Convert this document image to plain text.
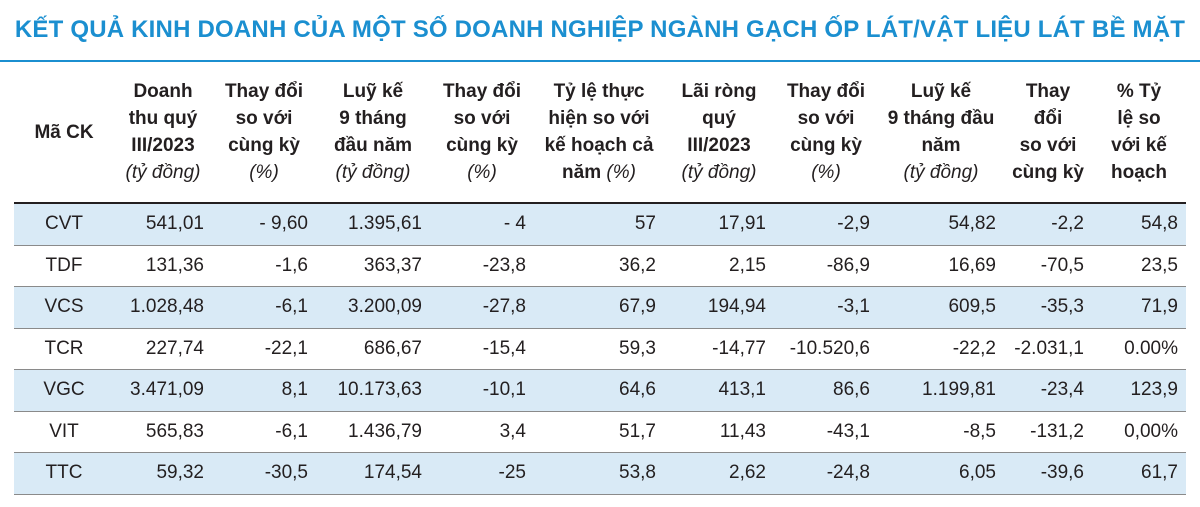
KẾT QUẢ KINH DOANH CỦA MỘT SỐ DOANH NGHIỆP NGÀNH GẠCH ỐP LÁT/VẬT LIỆU LÁT BỀ MẶT
Mã CK	Doanh
thu quý
III/2023
(tỷ đồng)	Thay đổi
so với
cùng kỳ
(%)	Luỹ kế
9 tháng
đầu năm
(tỷ đồng)	Thay đổi
so với
cùng kỳ
(%)	Tỷ lệ thực
hiện so với
kế hoạch cả
năm (%)	Lãi ròng
quý
III/2023
(tỷ đồng)	Thay đổi
so với
cùng kỳ
(%)	Luỹ kế
9 tháng đầu
năm
(tỷ đồng)	Thay
đổi
so với
cùng kỳ	% Tỷ
lệ so
với kế
hoạch

CVT	541,01	- 9,60	1.395,61	- 4	57	17,91	-2,9	54,82	-2,2	54,8
TDF	131,36	-1,6	363,37	-23,8	36,2	2,15	-86,9	16,69	-70,5	23,5
VCS	1.028,48	-6,1	3.200,09	-27,8	67,9	194,94	-3,1	609,5	-35,3	71,9
TCR	227,74	-22,1	686,67	-15,4	59,3	-14,77	-10.520,6	-22,2	-2.031,1	0.00%
VGC	3.471,09	8,1	10.173,63	-10,1	64,6	413,1	86,6	1.199,81	-23,4	123,9
VIT	565,83	-6,1	1.436,79	3,4	51,7	11,43	-43,1	-8,5	-131,2	0,00%
TTC	59,32	-30,5	174,54	-25	53,8	2,62	-24,8	6,05	-39,6	61,7
